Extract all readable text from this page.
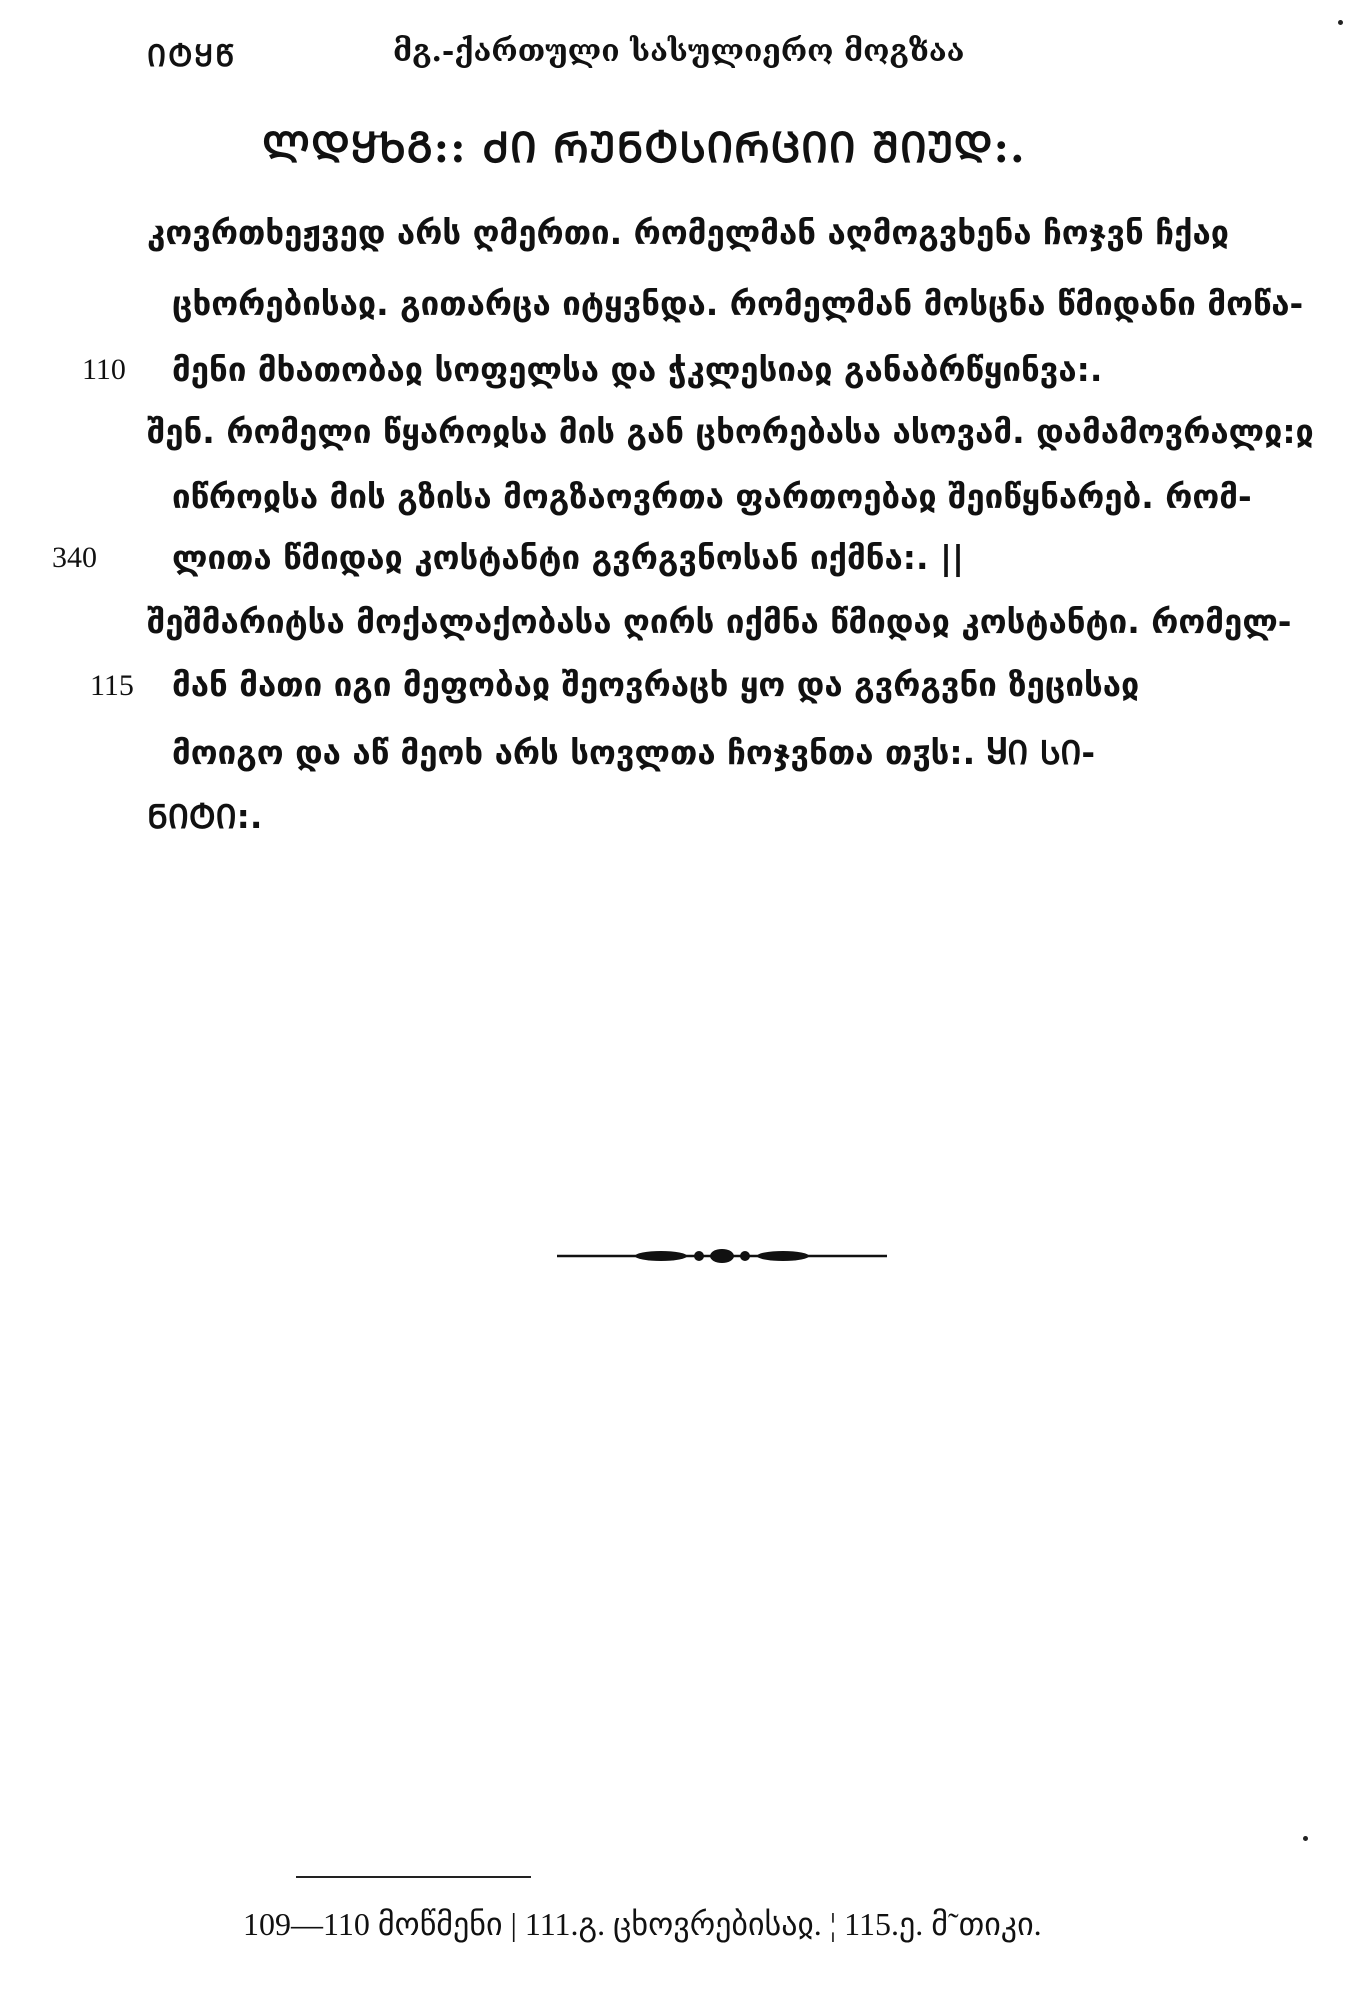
ᲘᲢᲧᲬ	მგ.-ქართული სასულიერო მოგზაა
ᲚᲓᲧ҃ᲮᲒ:: ᲫᲘ ᲠᲣᲜᲢᲡᲘᲠᲪᲘᲘ ᲨᲘᲣᲓ:.
კოვრთხეჟვედ არს ღმერთი. რომელმან აღმოგვხენა ჩოჯვნ ჩქაჲ
ცხორებისაჲ. გითარცა იტყვნდა. რომელმან მოსცნა წმიდანი მოწა-
110 მენი მხათობაჲ სოფელსა და ჭკლესიაჲ განაბრწყინვა:.
შენ. რომელი წყაროჲსა მის გან ცხორებასა ასოვამ. დამამოვრალჲ:ჲ
იწროჲსა მის გზისა მოგზაოვრთა ფართოებაჲ შეიწყნარებ. რომ-
340 ლითა წმიდაჲ კოსტანტი გვრგვნოსან იქმნა:. ||
შეშმარიტსა მოქალაქობასა ღირს იქმნა წმიდაჲ კოსტანტი. რომელ-
115 მან მათი იგი მეფობაჲ შეოვრაცხ ყო და გვრგვნი ზეცისაჲ
მოიგო და აწ მეოხ არს სოვლთა ჩოჯვნთა თჳს:. ႸᲘ ᲡᲘ-
ᲜᲘᲢᲘ:.
109—110 მოწმენი | 111.გ. ცხოვრებისაჲ. ¦ 115.ე. მ˜თიკი.
